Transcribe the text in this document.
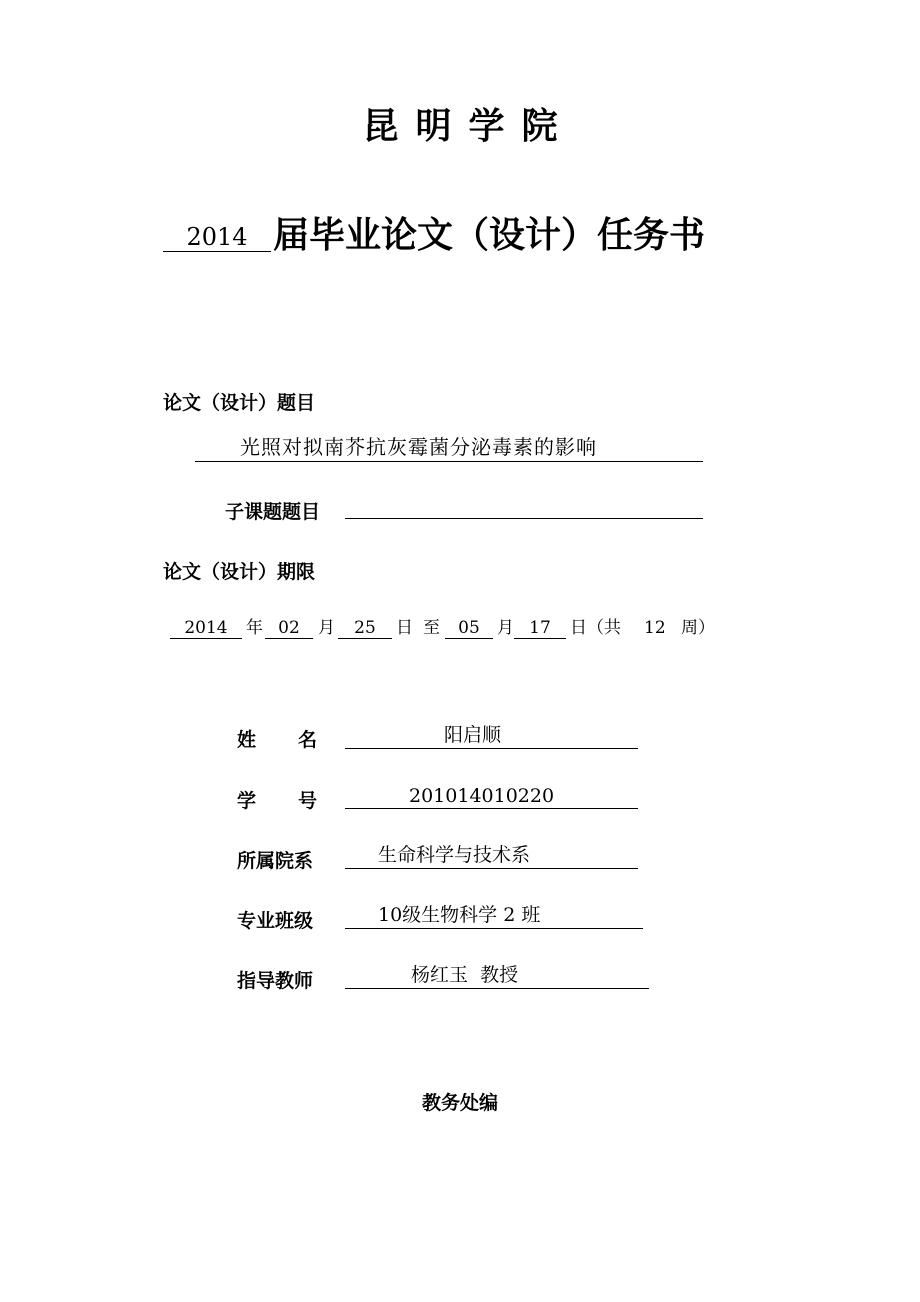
昆明学院
2014 届毕业论文（设计）任务书
论文（设计）题目
光照对拟南芥抗灰霉菌分泌毒素的影响
子课题题目
论文（设计）期限
2014	年 02	月	25	日 至	05	月 17	日（共 12 周）
姓名	阳启顺
学号	201014010220
所属院系	生命科学与技术系
专业班级	10级生物科学 2 班
指导教师	杨红玉  教授
教务处编
